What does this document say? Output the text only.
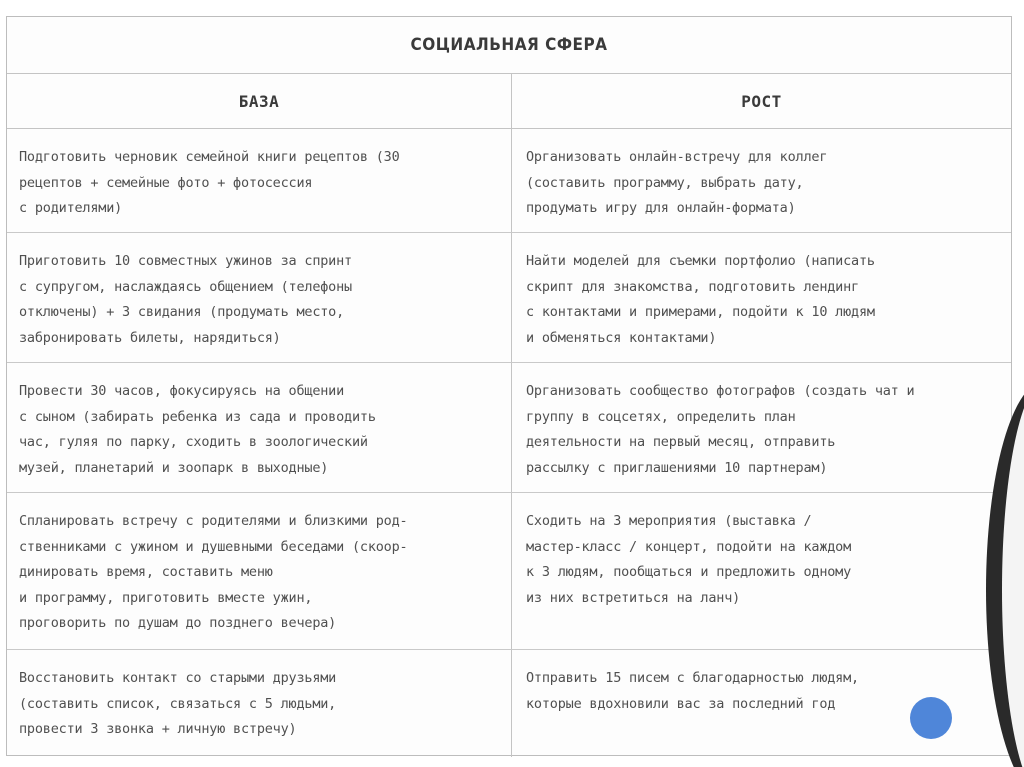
СОЦИАЛЬНАЯ СФЕРА
БАЗА	РОСТ
Подготовить черновик семейной книги рецептов (30
рецептов + семейные фото + фотосессия
с родителями)
Организовать онлайн-встречу для коллег
(составить программу, выбрать дату,
продумать игру для онлайн-формата)
Приготовить 10 совместных ужинов за спринт
с супругом, наслаждаясь общением (телефоны
отключены) + 3 свидания (продумать место,
забронировать билеты, нарядиться)
Найти моделей для съемки портфолио (написать
скрипт для знакомства, подготовить лендинг
с контактами и примерами, подойти к 10 людям
и обменяться контактами)
Провести 30 часов, фокусируясь на общении
с сыном (забирать ребенка из сада и проводить
час, гуляя по парку, сходить в зоологический
музей, планетарий и зоопарк в выходные)
Организовать сообщество фотографов (создать чат и
группу в соцсетях, определить план
деятельности на первый месяц, отправить
рассылку с приглашениями 10 партнерам)
Спланировать встречу с родителями и близкими род-
ственниками с ужином и душевными беседами (скоор-
динировать время, составить меню
и программу, приготовить вместе ужин,
проговорить по душам до позднего вечера)
Сходить на 3 мероприятия (выставка /
мастер-класс / концерт, подойти на каждом
к 3 людям, пообщаться и предложить одному
из них встретиться на ланч)
Восстановить контакт со старыми друзьями
(составить список, связаться с 5 людьми,
провести 3 звонка + личную встречу)
Отправить 15 писем с благодарностью людям,
которые вдохновили вас за последний год
